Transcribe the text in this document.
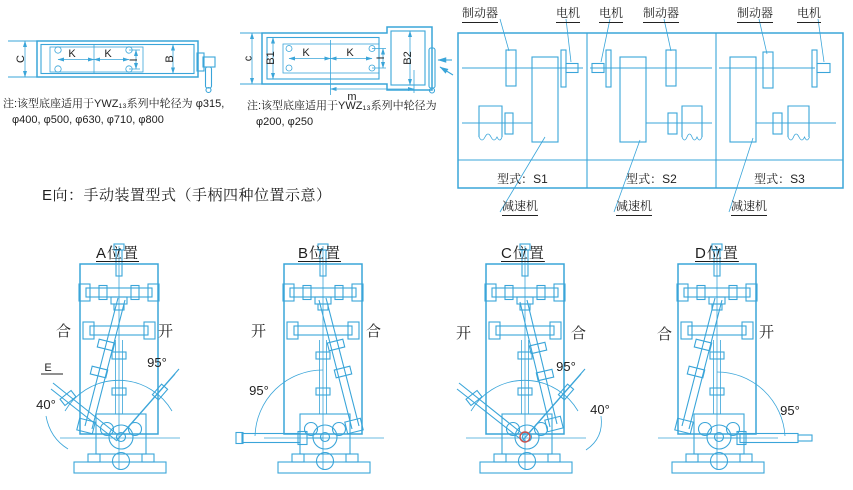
K	K I
C	B	K	K I
B1
c	B2
m
95°
40°
E
95°
95°
40°	95°
制动器	电机 电机 制动器	制动器 电机
型式：S1	型式：S2	型式：S3
减速机	减速机	减速机
注:该型底座适用于YWZ₁₃系列中轮径为 φ315,
φ400, φ500, φ630, φ710, φ800
注:该型底座适用于YWZ₁₃系列中轮径为
φ200, φ250
E向：手动装置型式（手柄四种位置示意）
A位置	B位置	C位置	D位置
合	开	开	合	开	合	合	开
